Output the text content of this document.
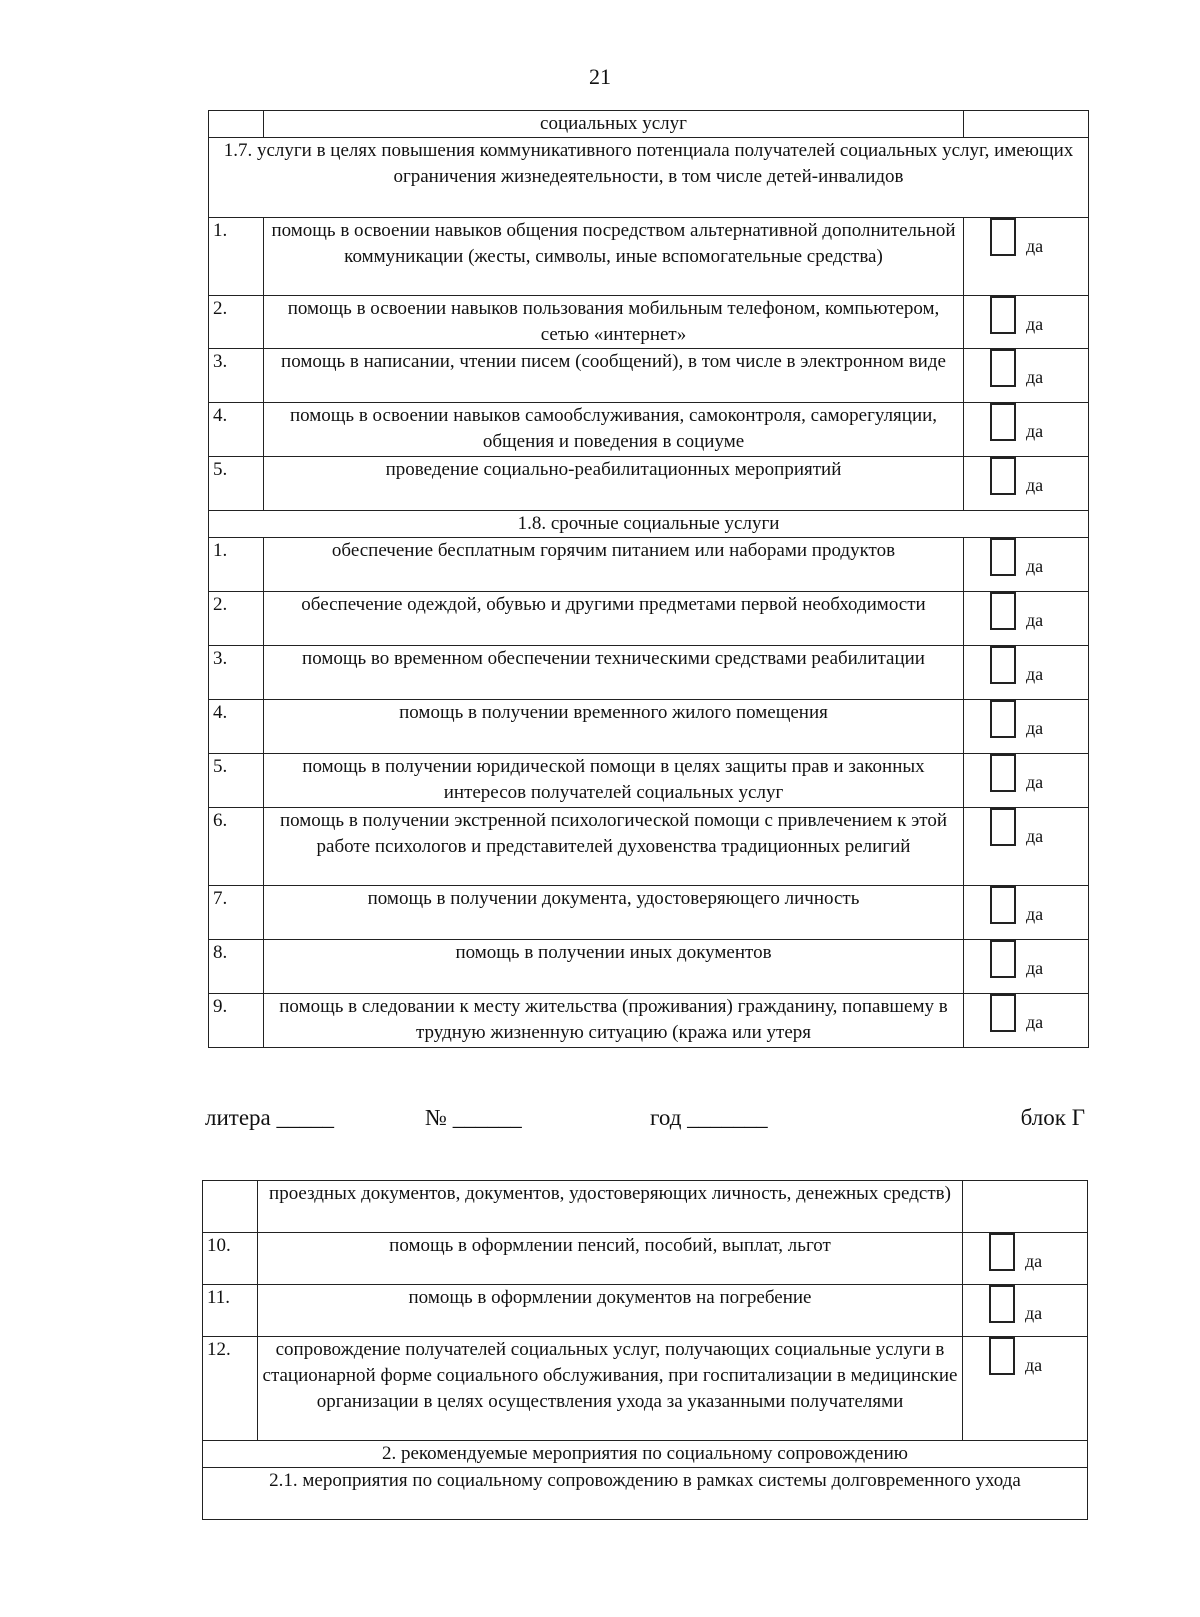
21
	социальных услуг	
1.7. услуги в целях повышения коммуникативного потенциала получателей социальных услуг, имеющих ограничения жизнедеятельности, в том числе детей-инвалидов		
1.	помощь в освоении навыков общения посредством альтернативной дополнительной коммуникации (жесты, символы, иные вспомогательные средства)	да
2.	помощь в освоении навыков пользования мобильным телефоном, компьютером, сетью «интернет»	да
3.	помощь в написании, чтении писем (сообщений), в том числе в электронном виде	да
4.	помощь в освоении навыков самообслуживания, самоконтроля, саморегуляции, общения и поведения в социуме	да
5.	проведение социально-реабилитационных мероприятий	да
1.8. срочные социальные услуги		
1.	обеспечение бесплатным горячим питанием или наборами продуктов	да
2.	обеспечение одеждой, обувью и другими предметами первой необходимости	да
3.	помощь во временном обеспечении техническими средствами реабилитации	да
4.	помощь в получении временного жилого помещения	да
5.	помощь в получении юридической помощи в целях защиты прав и законных интересов получателей социальных услуг	да
6.	помощь в получении экстренной психологической помощи с привлечением к этой работе психологов и представителей духовенства традиционных религий	да
7.	помощь в получении документа, удостоверяющего личность	да
8.	помощь в получении иных документов	да
9.	помощь в следовании к месту жительства (проживания) гражданину, попавшему в трудную жизненную ситуацию (кража или утеря	да
литера _____	№ ______	год _______	блок Г
	проездных документов, документов, удостоверяющих личность, денежных средств)	
10.	помощь в оформлении пенсий, пособий, выплат, льгот	да
11.	помощь в оформлении документов на погребение	да
12.	сопровождение получателей социальных услуг, получающих социальные услуги в стационарной форме социального обслуживания, при госпитализации в медицинские организации в целях осуществления ухода за указанными получателями	да
2. рекомендуемые мероприятия по социальному сопровождению		
2.1. мероприятия по социальному сопровождению в рамках системы долговременного ухода		
